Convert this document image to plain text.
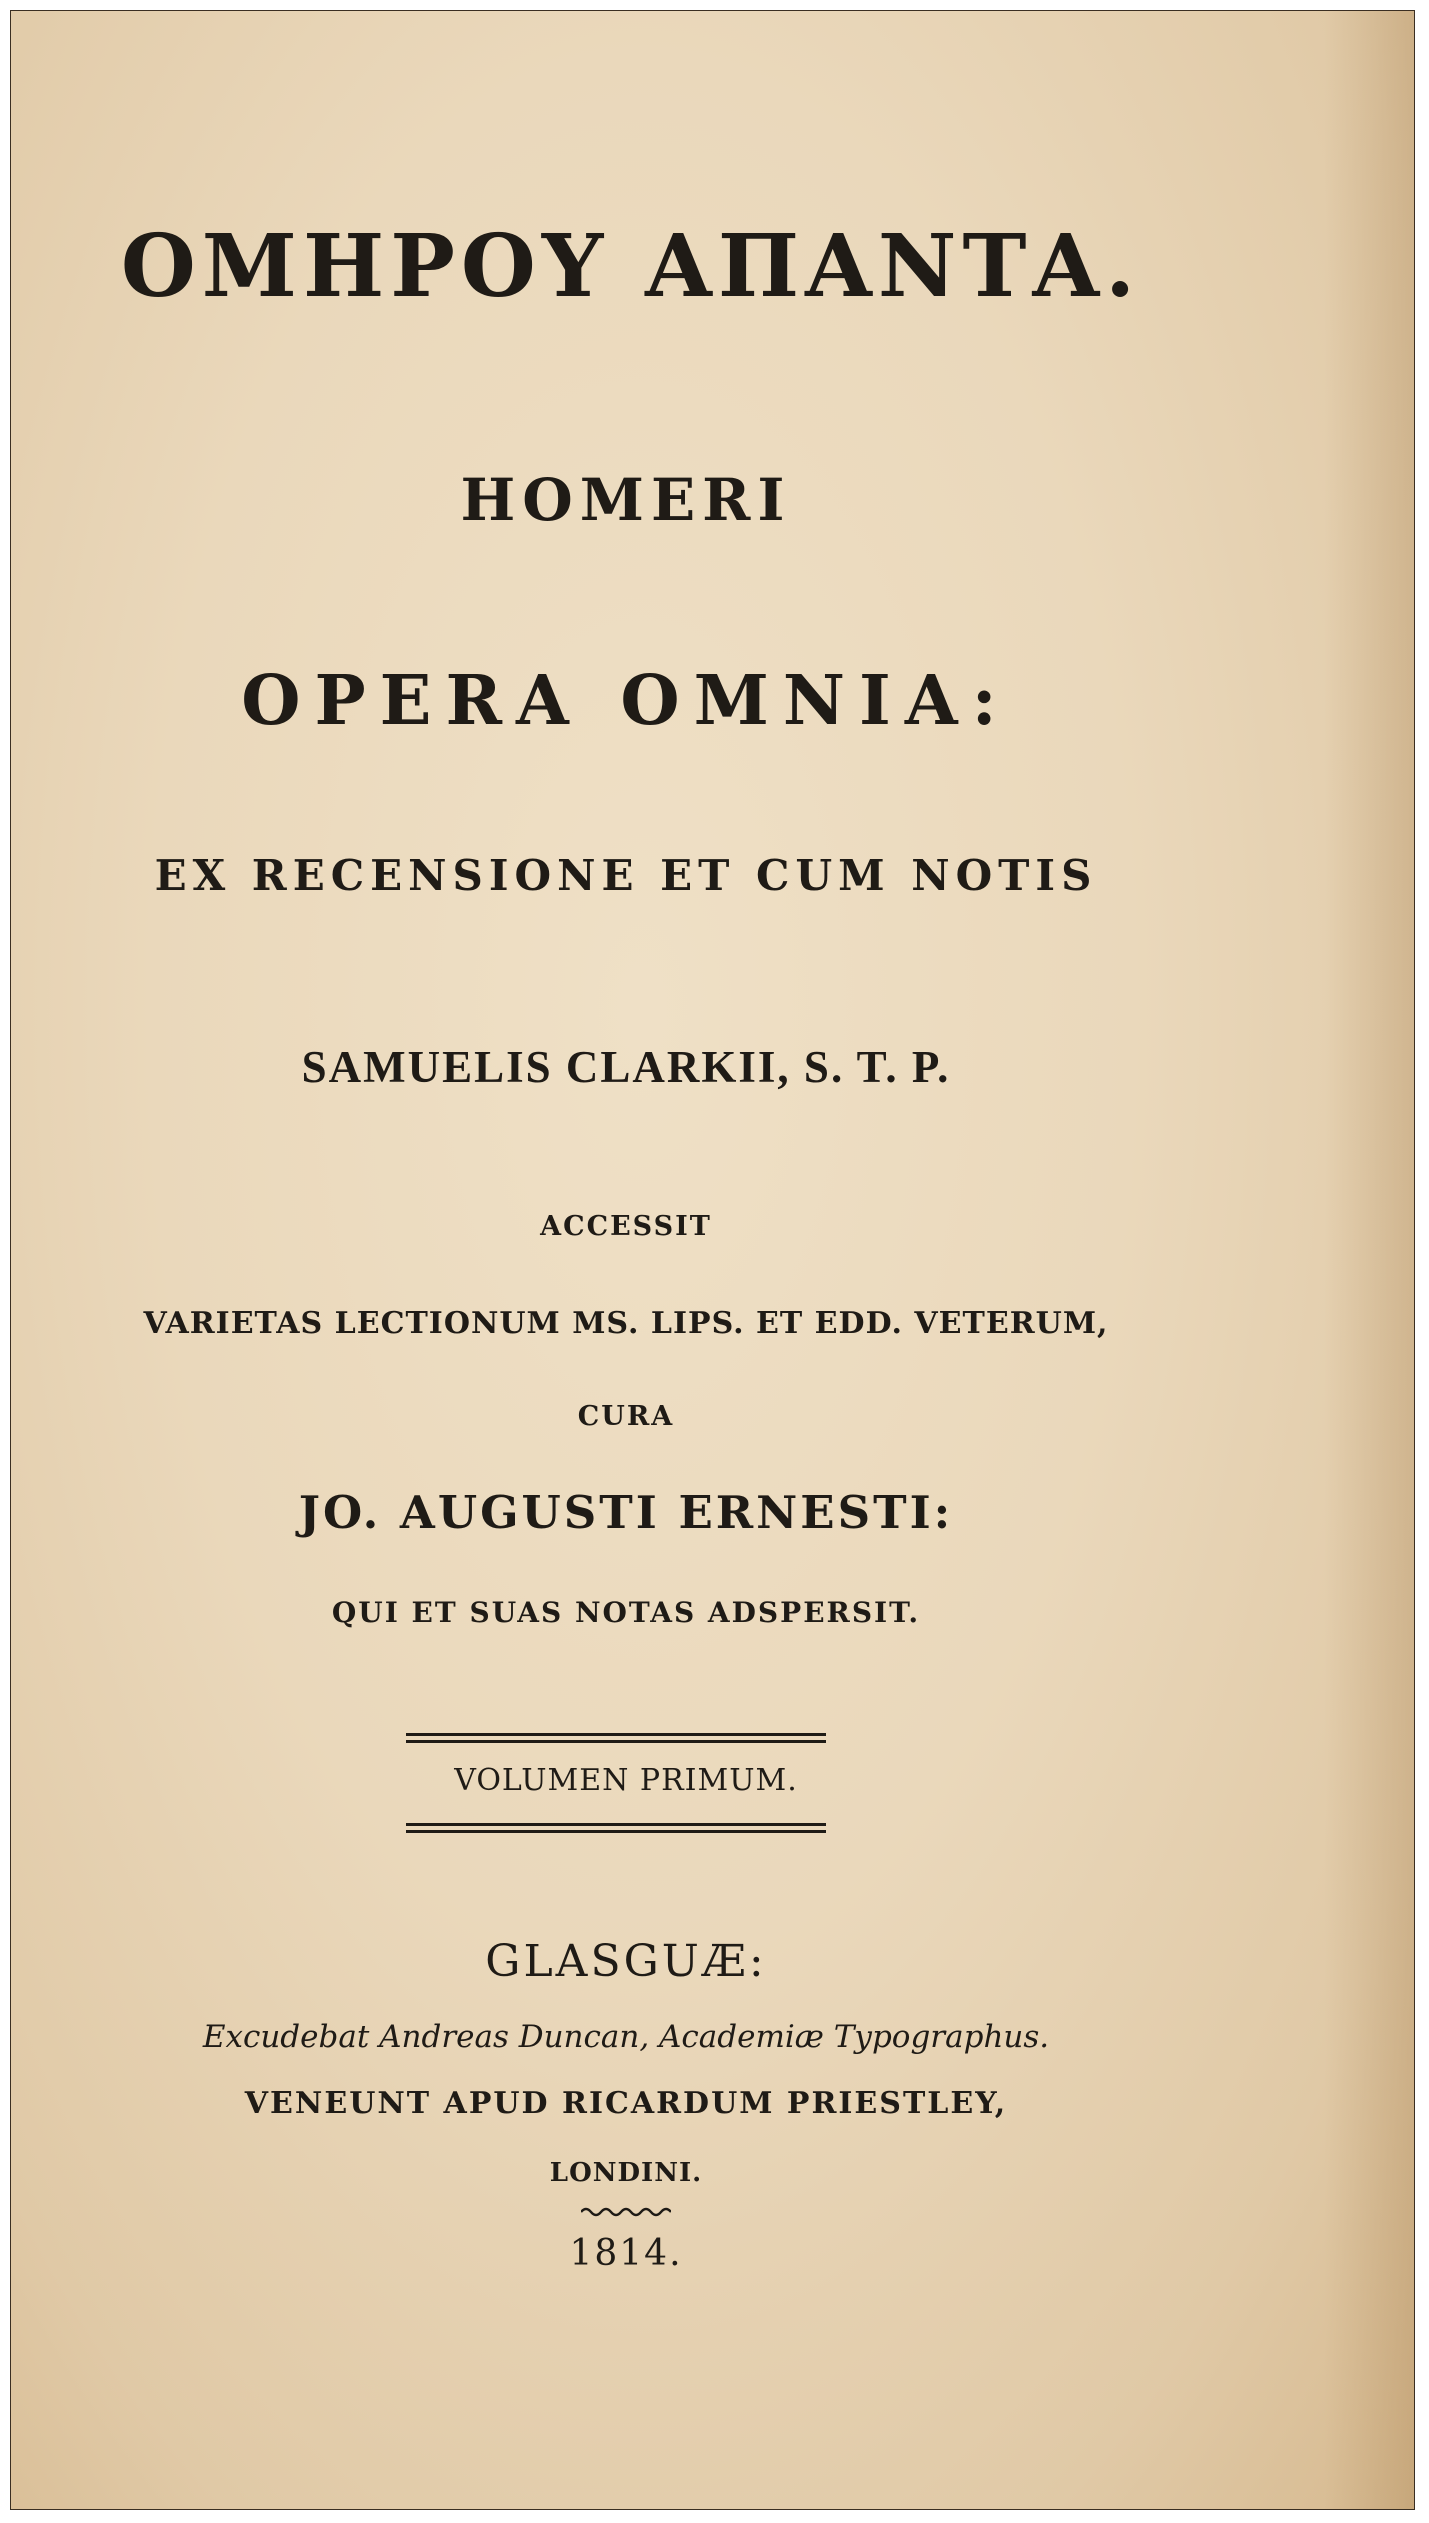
ΟΜΗΡΟΥ ΑΠΑΝΤΑ.
HOMERI
OPERA OMNIA:
EX RECENSIONE ET CUM NOTIS
SAMUELIS CLARKII, S. T. P.
ACCESSIT
VARIETAS LECTIONUM MS. LIPS. ET EDD. VETERUM,
CURA
JO. AUGUSTI ERNESTI:
QUI ET SUAS NOTAS ADSPERSIT.
VOLUMEN PRIMUM.
GLASGUÆ:
Excudebat Andreas Duncan, Academiæ Typographus.
VENEUNT APUD RICARDUM PRIESTLEY,
LONDINI.
1814.
